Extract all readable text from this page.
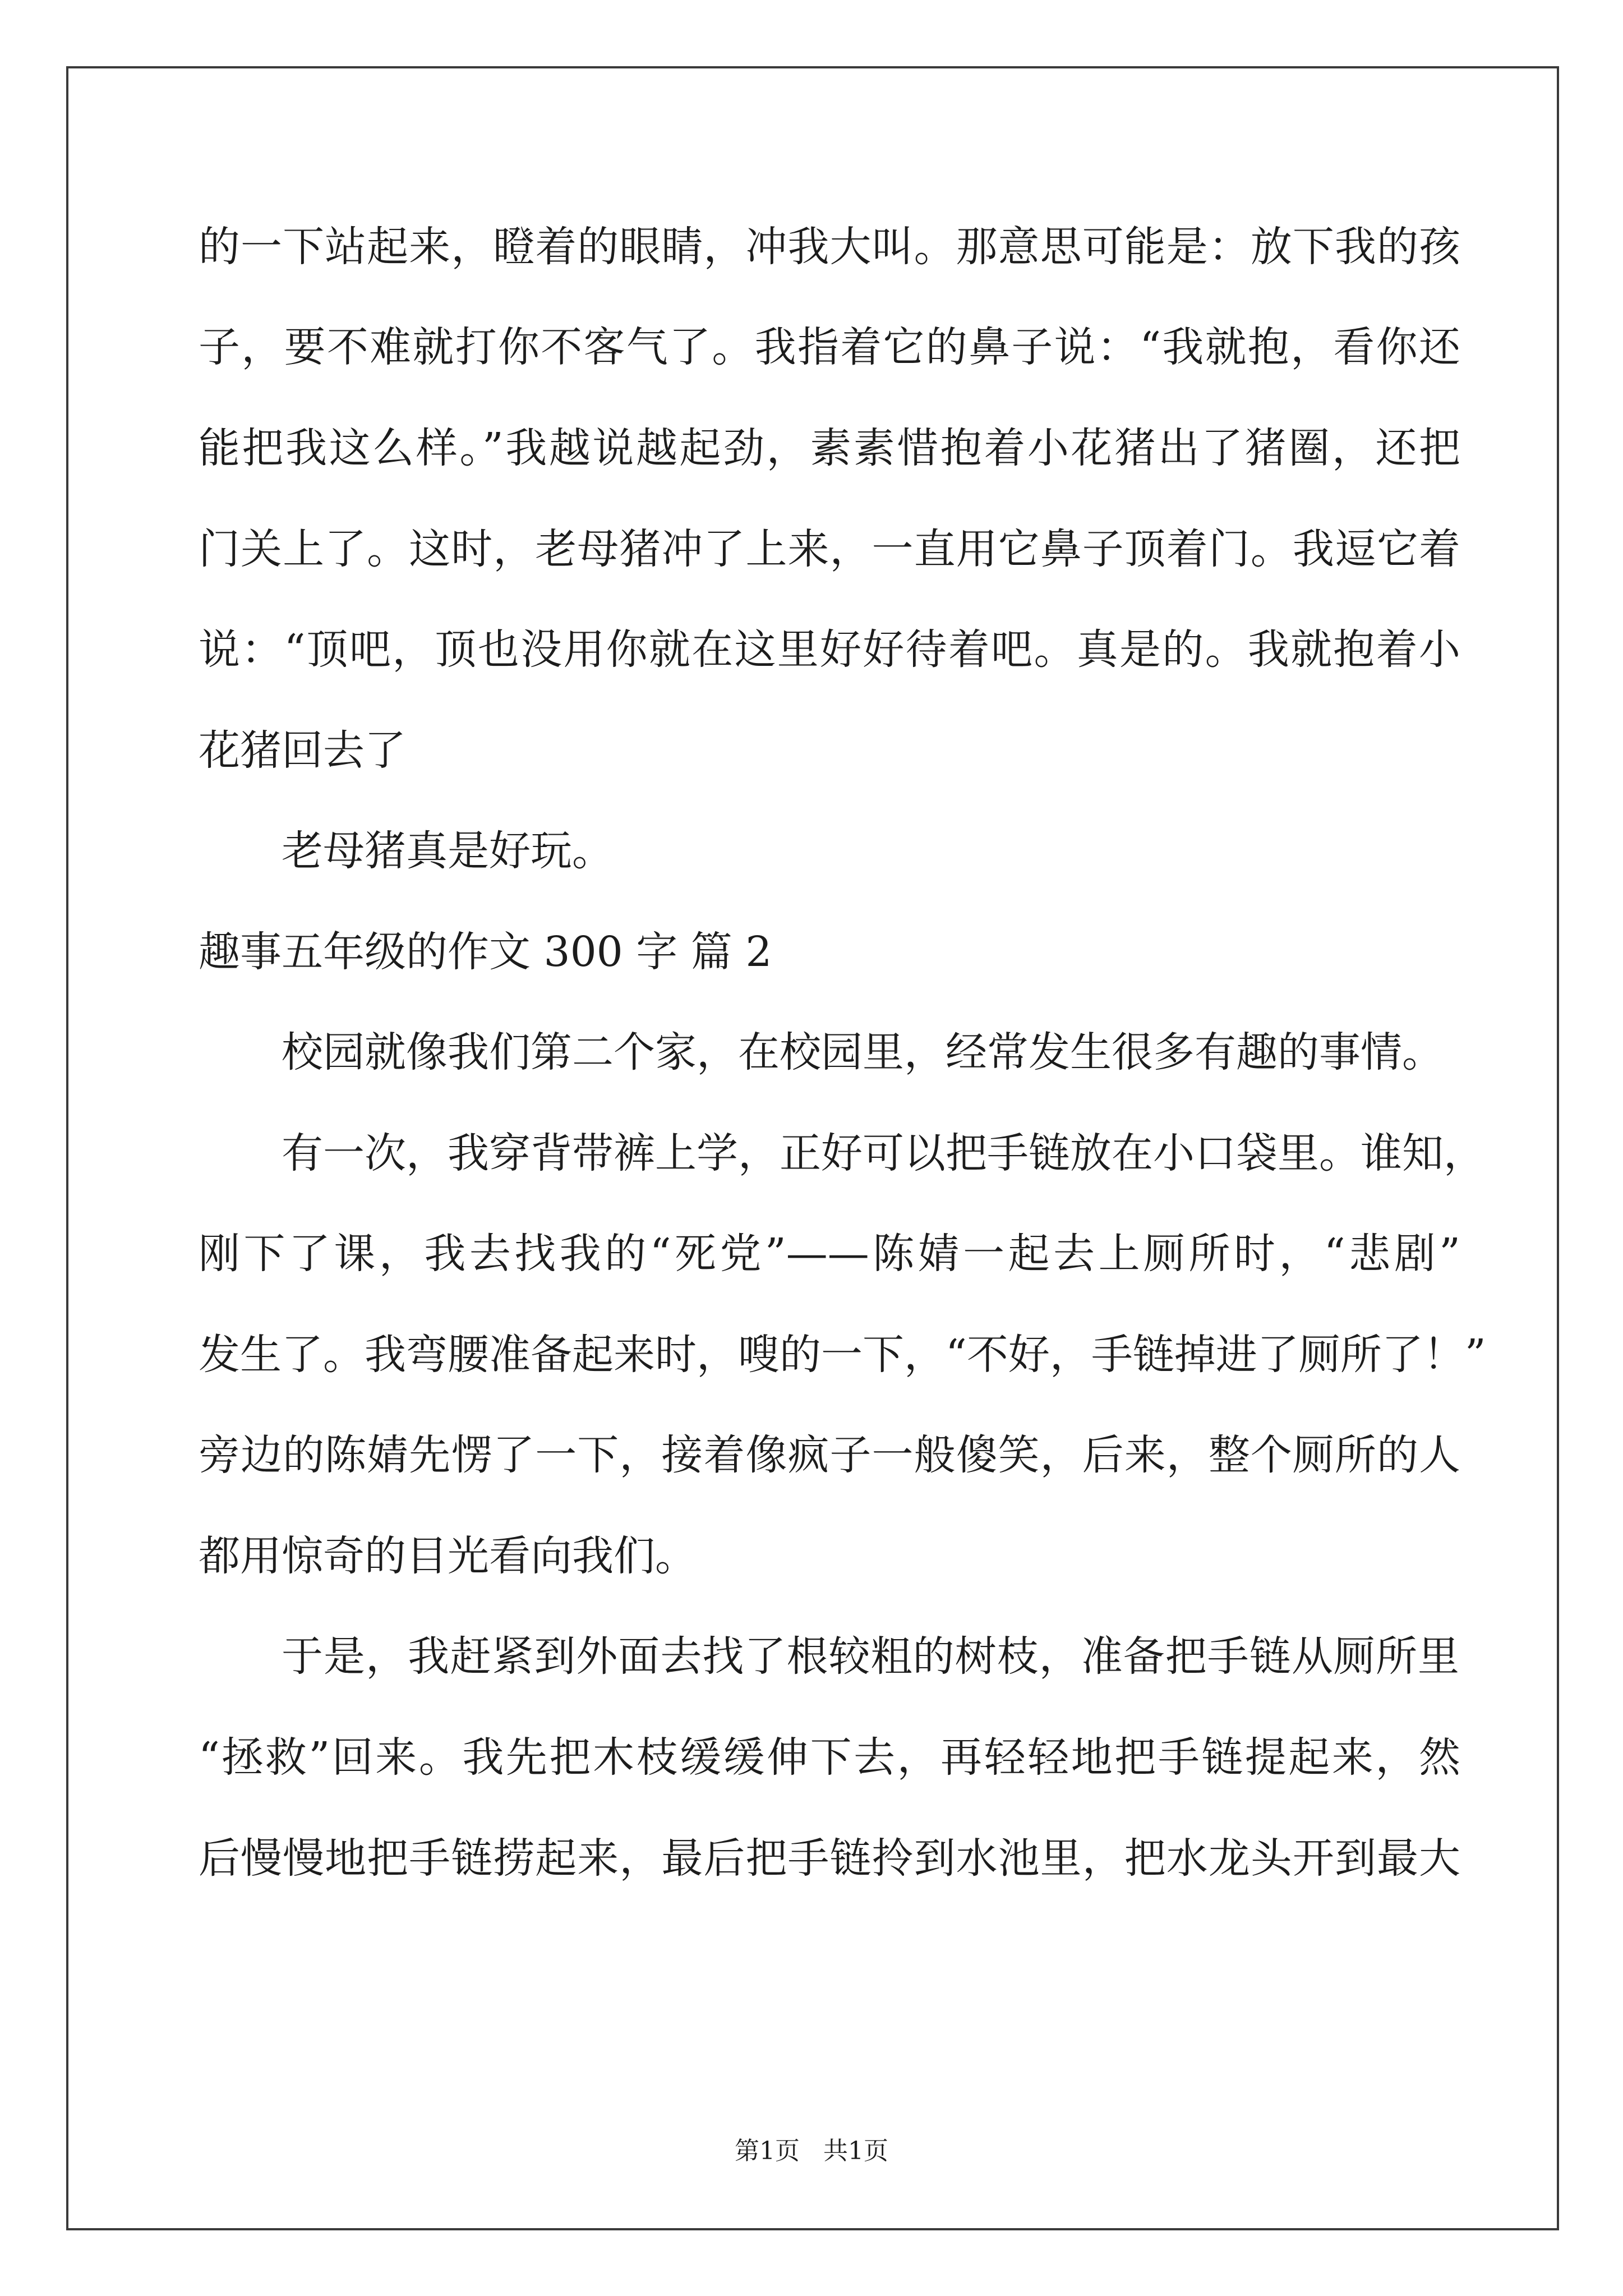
的一下站起来，瞪着的眼睛，冲我大叫。那意思可能是：放下我的孩
子，要不难就打你不客气了。我指着它的鼻子说：“我就抱，看你还
能把我这么样。”我越说越起劲，素素惜抱着小花猪出了猪圈，还把
门关上了。这时，老母猪冲了上来，一直用它鼻子顶着门。我逗它着
说：“顶吧，顶也没用你就在这里好好待着吧。真是的。我就抱着小
花猪回去了
老母猪真是好玩。
趣事五年级的作文 300 字 篇 2
校园就像我们第二个家，在校园里，经常发生很多有趣的事情。
有一次，我穿背带裤上学，正好可以把手链放在小口袋里。谁知，
刚下了课，我去找我的“死党”——陈婧一起去上厕所时，“悲剧”
发生了。我弯腰准备起来时，嗖的一下，“不好，手链掉进了厕所了！”
旁边的陈婧先愣了一下，接着像疯子一般傻笑，后来，整个厕所的人
都用惊奇的目光看向我们。
于是，我赶紧到外面去找了根较粗的树枝，准备把手链从厕所里
“拯救”回来。我先把木枝缓缓伸下去，再轻轻地把手链提起来，然
后慢慢地把手链捞起来，最后把手链拎到水池里，把水龙头开到最大
第1页   共1页
